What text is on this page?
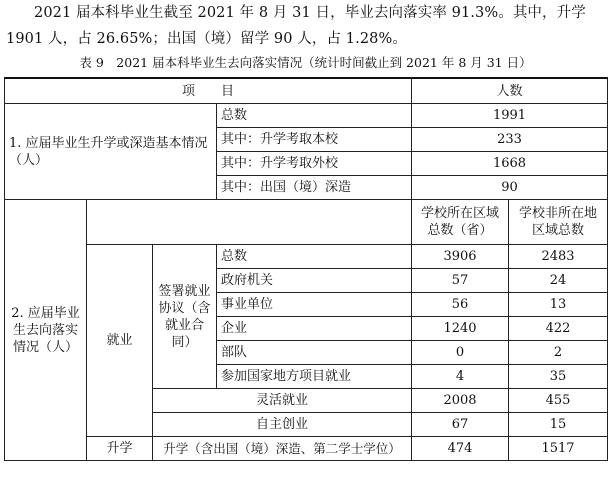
2021 届本科毕业生截至 2021 年 8 月 31 日，毕业去向落实率 91.3%。其中，升学 1901 人，占 26.65%；出国（境）留学 90 人，占 1.28%。

表 9　2021 届本科毕业生去向落实情况（统计时间截止到 2021 年 8 月 31 日）
项　　目				人数	
1. 应届毕业生升学或深造基本情况（人）			总数	1991	
			其中：升学考取本校	233	
			其中：升学考取外校	1668	
			其中：出国（境）深造	90	
2. 应届毕业生去向落实情况（人）				学校所在区域总数（省）	学校非所在地区域总数
	就业	签署就业协议（含就业合同）	总数	3906	2483
			政府机关	57	24
			事业单位	56	13
			企业	1240	422
			部队	0	2
			参加国家地方项目就业	4	35
		灵活就业		2008	455
		自主创业		67	15
	升学	升学（含出国（境）深造、第二学士学位）		474	1517
